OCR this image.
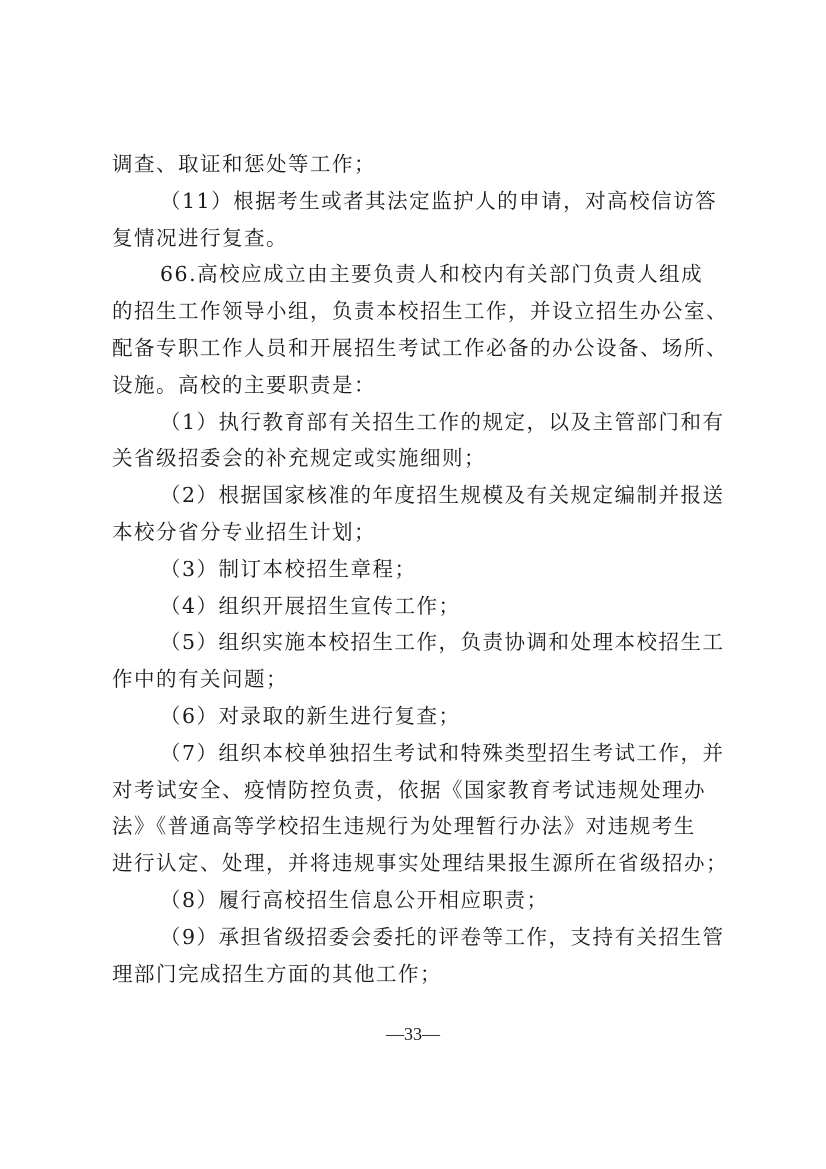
调查、取证和惩处等工作；
（11）根据考生或者其法定监护人的申请，对高校信访答
复情况进行复查。
66.高校应成立由主要负责人和校内有关部门负责人组成
的招生工作领导小组，负责本校招生工作，并设立招生办公室、
配备专职工作人员和开展招生考试工作必备的办公设备、场所、
设施。高校的主要职责是：
（1）执行教育部有关招生工作的规定，以及主管部门和有
关省级招委会的补充规定或实施细则；
（2）根据国家核准的年度招生规模及有关规定编制并报送
本校分省分专业招生计划；
（3）制订本校招生章程；
（4）组织开展招生宣传工作；
（5）组织实施本校招生工作，负责协调和处理本校招生工
作中的有关问题；
（6）对录取的新生进行复查；
（7）组织本校单独招生考试和特殊类型招生考试工作，并
对考试安全、疫情防控负责，依据《国家教育考试违规处理办
法》《普通高等学校招生违规行为处理暂行办法》对违规考生
进行认定、处理，并将违规事实处理结果报生源所在省级招办；
（8）履行高校招生信息公开相应职责；
（9）承担省级招委会委托的评卷等工作，支持有关招生管
理部门完成招生方面的其他工作；
—33—
